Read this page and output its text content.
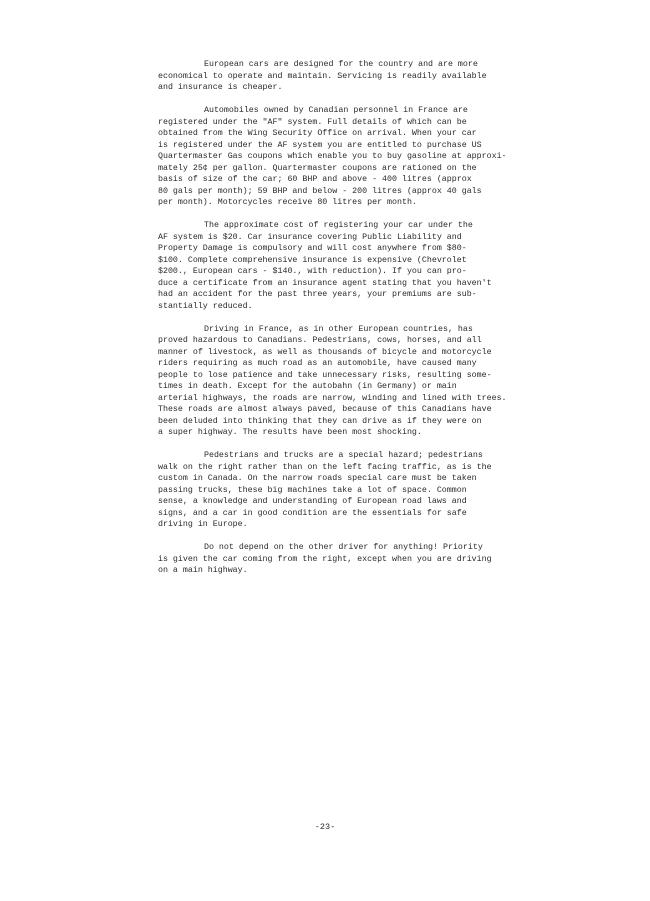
European cars are designed for the country and are more
economical to operate and maintain. Servicing is readily available
and insurance is cheaper.

Automobiles owned by Canadian personnel in France are
registered under the "AF" system. Full details of which can be
obtained from the Wing Security Office on arrival. When your car
is registered under the AF system you are entitled to purchase US
Quartermaster Gas coupons which enable you to buy gasoline at approxi-
mately 25¢ per gallon. Quartermaster coupons are rationed on the
basis of size of the car; 60 BHP and above - 400 litres (approx
80 gals per month); 59 BHP and below - 200 litres (approx 40 gals
per month). Motorcycles receive 80 litres per month.

The approximate cost of registering your car under the
AF system is $20. Car insurance covering Public Liability and
Property Damage is compulsory and will cost anywhere from $80-
$100. Complete comprehensive insurance is expensive (Chevrolet
$200., European cars - $140., with reduction). If you can pro-
duce a certificate from an insurance agent stating that you haven't
had an accident for the past three years, your premiums are sub-
stantially reduced.

Driving in France, as in other European countries, has
proved hazardous to Canadians. Pedestrians, cows, horses, and all
manner of livestock, as well as thousands of bicycle and motorcycle
riders requiring as much road as an automobile, have caused many
people to lose patience and take unnecessary risks, resulting some-
times in death. Except for the autobahn (in Germany) or main
arterial highways, the roads are narrow, winding and lined with trees.
These roads are almost always paved, because of this Canadians have
been deluded into thinking that they can drive as if they were on
a super highway. The results have been most shocking.

Pedestrians and trucks are a special hazard; pedestrians
walk on the right rather than on the left facing traffic, as is the
custom in Canada. On the narrow roads special care must be taken
passing trucks, these big machines take a lot of space. Common
sense, a knowledge and understanding of European road laws and
signs, and a car in good condition are the essentials for safe
driving in Europe.

Do not depend on the other driver for anything! Priority
is given the car coming from the right, except when you are driving
on a main highway.

-23-
